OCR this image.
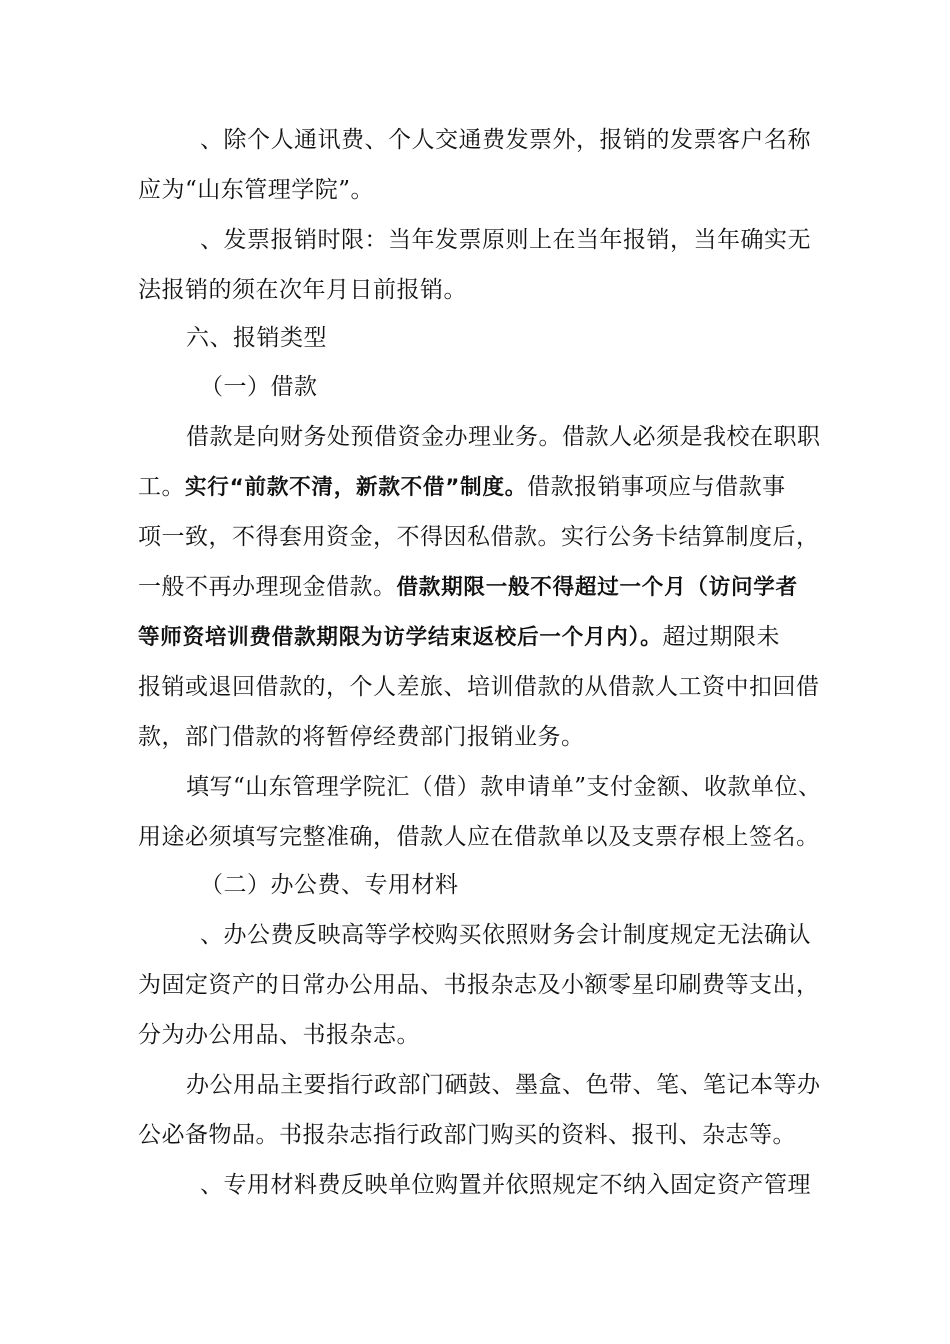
、除个人通讯费、个人交通费发票外，报销的发票客户名称
应为“山东管理学院”。
、发票报销时限：当年发票原则上在当年报销，当年确实无
法报销的须在次年月日前报销。
六、报销类型
（一）借款
借款是向财务处预借资金办理业务。借款人必须是我校在职职
工。实行“前款不清，新款不借”制度。借款报销事项应与借款事
项一致，不得套用资金，不得因私借款。实行公务卡结算制度后，
一般不再办理现金借款。借款期限一般不得超过一个月（访问学者
等师资培训费借款期限为访学结束返校后一个月内）。超过期限未
报销或退回借款的，个人差旅、培训借款的从借款人工资中扣回借
款，部门借款的将暂停经费部门报销业务。
填写“山东管理学院汇（借）款申请单”支付金额、收款单位、
用途必须填写完整准确，借款人应在借款单以及支票存根上签名。
（二）办公费、专用材料
、办公费反映高等学校购买依照财务会计制度规定无法确认
为固定资产的日常办公用品、书报杂志及小额零星印刷费等支出，
分为办公用品、书报杂志。
办公用品主要指行政部门硒鼓、墨盒、色带、笔、笔记本等办
公必备物品。书报杂志指行政部门购买的资料、报刊、杂志等。
、专用材料费反映单位购置并依照规定不纳入固定资产管理
